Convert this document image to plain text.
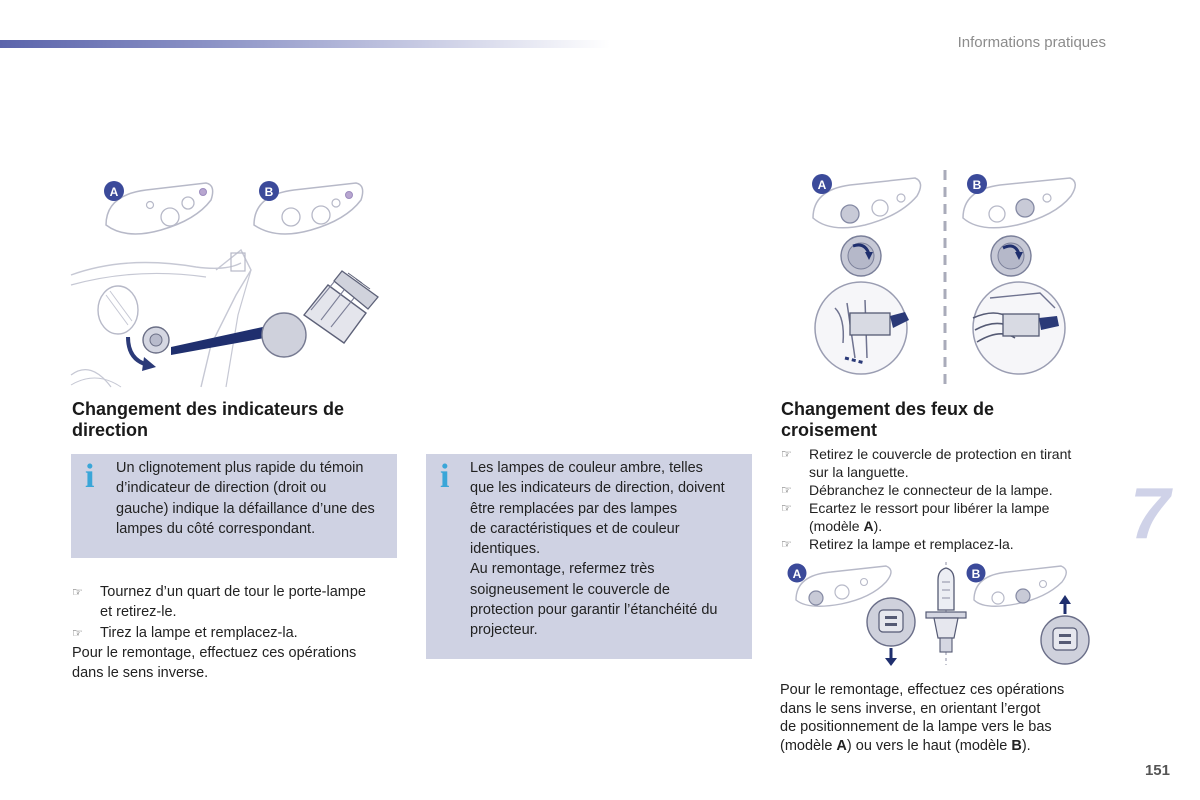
Informations pratiques
A	B
Changement des indicateurs de
direction
i Un clignotement plus rapide du témoin

d’indicateur de direction (droit ou

gauche) indique la défaillance d’une des

lampes du côté correspondant.

☞ Tournez d’un quart de tour le porte-lampe
et retirez-le.
☞ Tirez la lampe et remplacez-la.

Pour le remontage, effectuez ces opérations

dans le sens inverse.

i Les lampes de couleur ambre, telles

que les indicateurs de direction, doivent

être remplacées par des lampes

de caractéristiques et de couleur

identiques.

Au remontage, refermez très

soigneusement le couvercle de

protection pour garantir l’étanchéité du

projecteur.

A	B
Changement des feux de
croisement
☞ Retirez le couvercle de protection en tirant
sur la languette.
☞ Débranchez le connecteur de la lampe.
☞ Ecartez le ressort pour libérer la lampe
(modèle A).
☞ Retirez la lampe et remplacez-la.
A	B

Pour le remontage, effectuez ces opérations

dans le sens inverse, en orientant l’ergot

de positionnement de la lampe vers le bas

(modèle A) ou vers le haut (modèle B).

7
151
